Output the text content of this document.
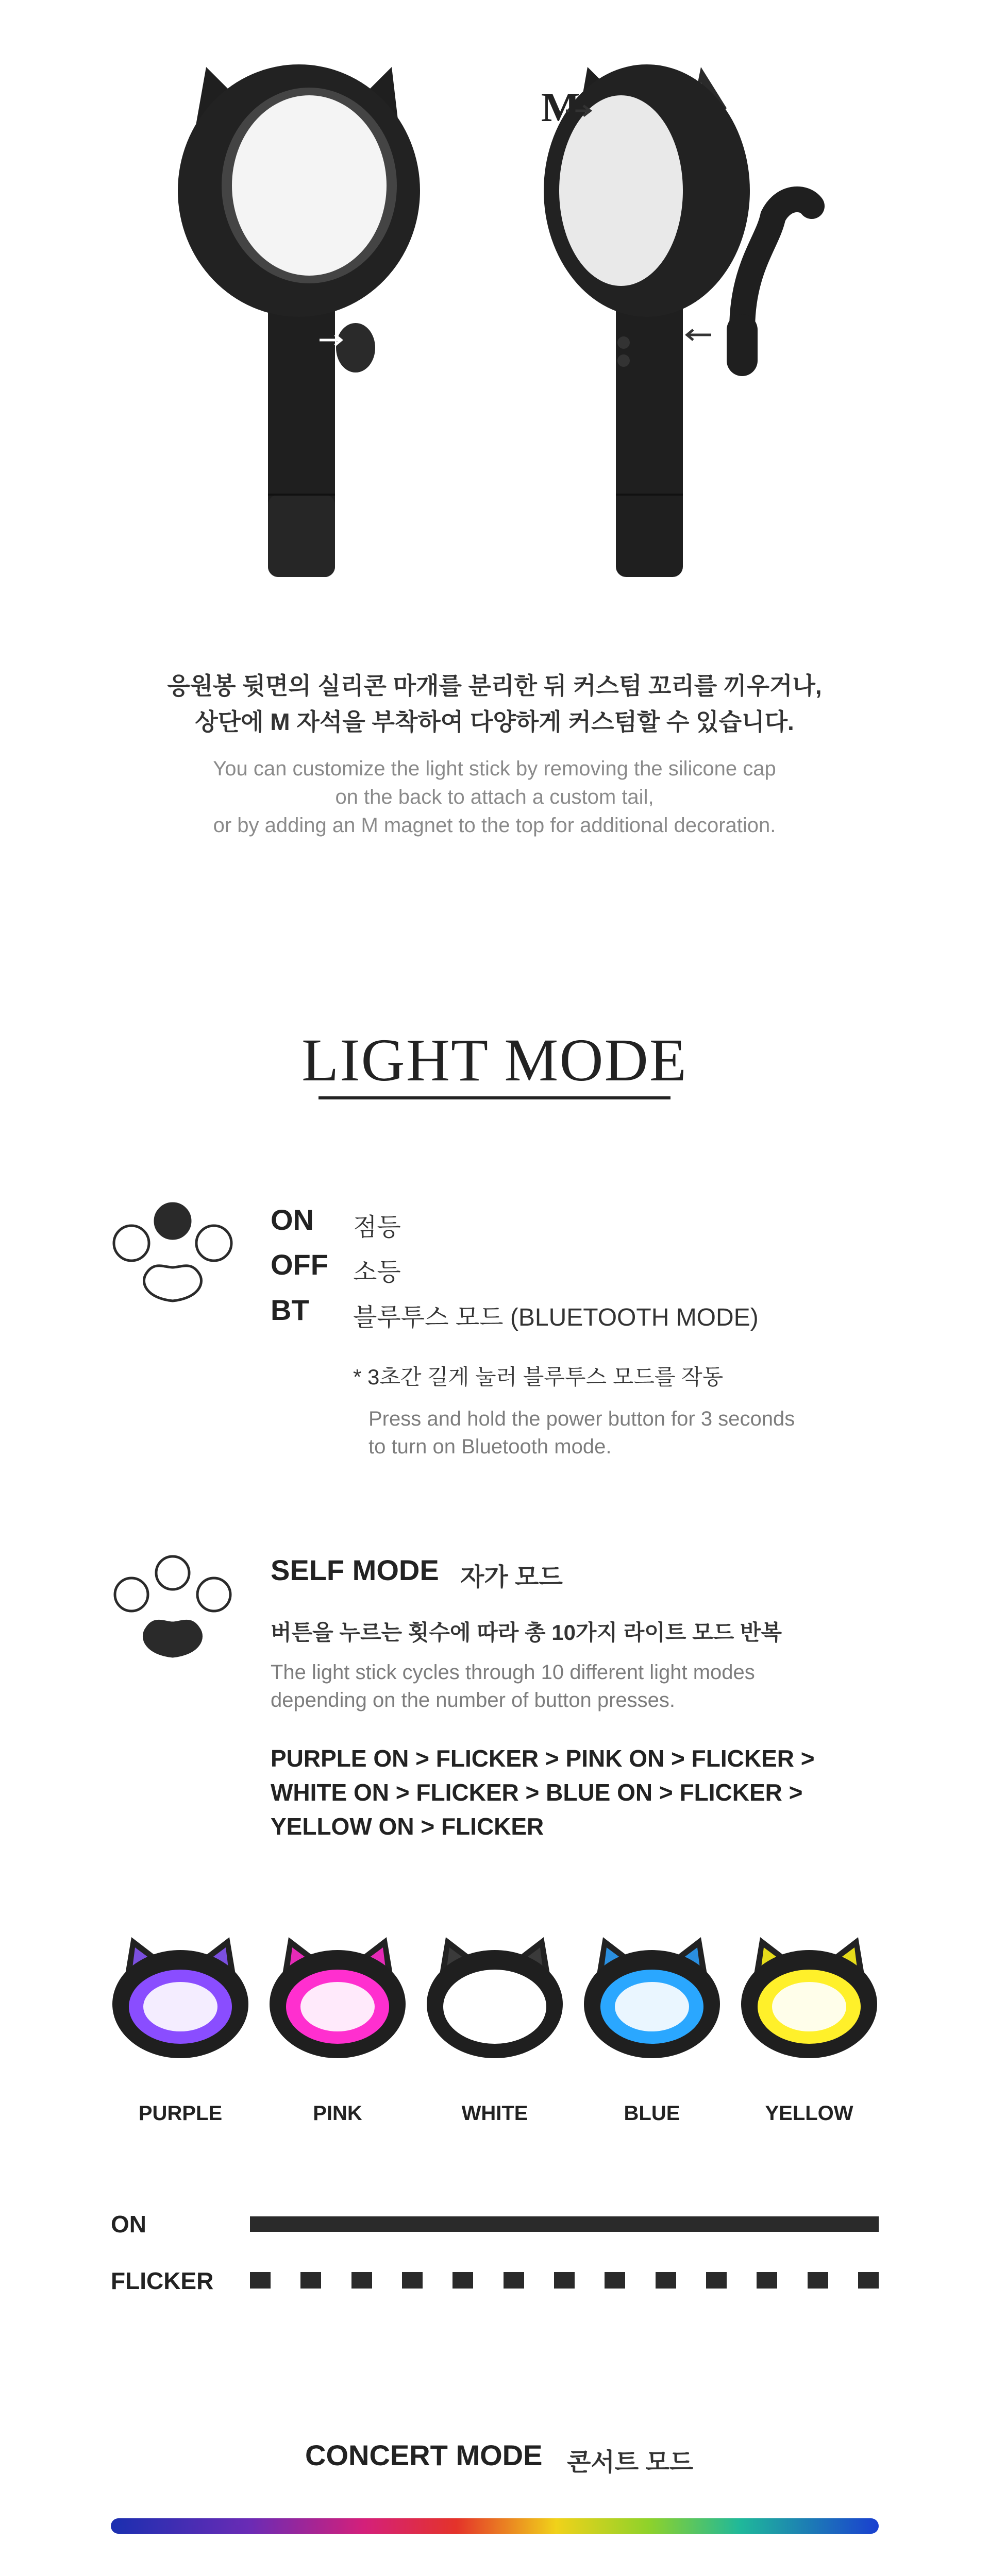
M
응원봉 뒷면의 실리콘 마개를 분리한 뒤 커스텀 꼬리를 끼우거나,
상단에 M 자석을 부착하여 다양하게 커스텀할 수 있습니다.
You can customize the light stick by removing the silicone cap
on the back to attach a custom tail,
or by adding an M magnet to the top for additional decoration.
LIGHT MODE
ON 점등
OFF 소등
BT 블루투스 모드 (BLUETOOTH MODE)
* 3초간 길게 눌러 블루투스 모드를 작동
Press and hold the power button for 3 seconds
to turn on Bluetooth mode.
SELF MODE 자가 모드
버튼을 누르는 횟수에 따라 총 10가지 라이트 모드 반복
The light stick cycles through 10 different light modes
depending on the number of button presses.
PURPLE ON > FLICKER > PINK ON > FLICKER >
WHITE ON > FLICKER > BLUE ON > FLICKER >
YELLOW ON > FLICKER
PURPLE	PINK	WHITE	BLUE	YELLOW
ON
FLICKER
CONCERT MODE 콘서트 모드
